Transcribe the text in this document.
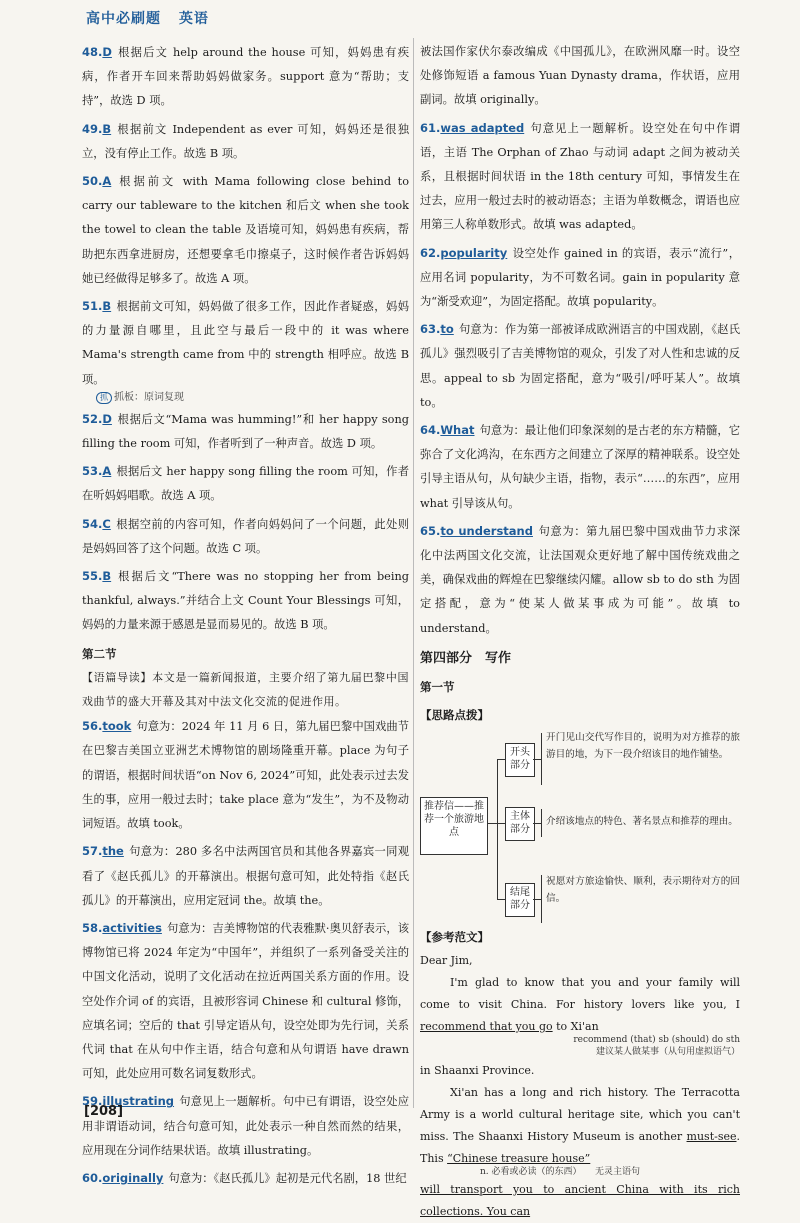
高中必刷题 英语
48.D 根据后文 help around the house 可知，妈妈患有疾病，作者开车回来帮助妈妈做家务。support 意为“帮助；支持”，故选 D 项。
49.B 根据前文 Independent as ever 可知，妈妈还是很独立，没有停止工作。故选 B 项。
50.A 根据前文 with Mama following close behind to carry our tableware to the kitchen 和后文 when she took the towel to clean the table 及语境可知，妈妈患有疾病，帮助把东西拿进厨房，还想要拿毛巾擦桌子，这时候作者告诉妈妈她已经做得足够多了。故选 A 项。
51.B 根据前文可知，妈妈做了很多工作，因此作者疑惑，妈妈的力量源自哪里，且此空与最后一段中的 it was where Mama's strength came from 中的 strength 相呼应。故选 B 项。
抓 抓板：原词复现
52.D 根据后文“Mama was humming!”和 her happy song filling the room 可知，作者听到了一种声音。故选 D 项。
53.A 根据后文 her happy song filling the room 可知，作者在听妈妈唱歌。故选 A 项。
54.C 根据空前的内容可知，作者向妈妈问了一个问题，此处则是妈妈回答了这个问题。故选 C 项。
55.B 根据后文“There was no stopping her from being thankful, always.”并结合上文 Count Your Blessings 可知，妈妈的力量来源于感恩是显而易见的。故选 B 项。
第二节
【语篇导读】本文是一篇新闻报道，主要介绍了第九届巴黎中国戏曲节的盛大开幕及其对中法文化交流的促进作用。
56.took 句意为：2024 年 11 月 6 日，第九届巴黎中国戏曲节在巴黎吉美国立亚洲艺术博物馆的剧场隆重开幕。place 为句子的谓语，根据时间状语“on Nov 6, 2024”可知，此处表示过去发生的事，应用一般过去时；take place 意为“发生”，为不及物动词短语。故填 took。
57.the 句意为：280 多名中法两国官员和其他各界嘉宾一同观看了《赵氏孤儿》的开幕演出。根据句意可知，此处特指《赵氏孤儿》的开幕演出，应用定冠词 the。故填 the。
58.activities 句意为：吉美博物馆的代表雅默·奥贝舒表示，该博物馆已将 2024 年定为“中国年”，并组织了一系列备受关注的中国文化活动，说明了文化活动在拉近两国关系方面的作用。设空处作介词 of 的宾语，且被形容词 Chinese 和 cultural 修饰，应填名词；空后的 that 引导定语从句，设空处即为先行词，关系代词 that 在从句中作主语，结合句意和从句谓语 have drawn 可知，此处应用可数名词复数形式。
59.illustrating 句意见上一题解析。句中已有谓语，设空处应用非谓语动词，结合句意可知，此处表示一种自然而然的结果，应用现在分词作结果状语。故填 illustrating。
60.originally 句意为：《赵氏孤儿》起初是元代名剧，18 世纪
被法国作家伏尔泰改编成《中国孤儿》，在欧洲风靡一时。设空处修饰短语 a famous Yuan Dynasty drama，作状语，应用副词。故填 originally。
61.was adapted 句意见上一题解析。设空处在句中作谓语，主语 The Orphan of Zhao 与动词 adapt 之间为被动关系，且根据时间状语 in the 18th century 可知，事情发生在过去，应用一般过去时的被动语态；主语为单数概念，谓语也应用第三人称单数形式。故填 was adapted。
62.popularity 设空处作 gained in 的宾语，表示“流行”，应用名词 popularity，为不可数名词。gain in popularity 意为“渐受欢迎”，为固定搭配。故填 popularity。
63.to 句意为：作为第一部被译成欧洲语言的中国戏剧，《赵氏孤儿》强烈吸引了吉美博物馆的观众，引发了对人性和忠诚的反思。appeal to sb 为固定搭配，意为“吸引/呼吁某人”。故填 to。
64.What 句意为：最让他们印象深刻的是古老的东方精髓，它弥合了文化鸿沟，在东西方之间建立了深厚的精神联系。设空处引导主语从句，从句缺少主语，指物，表示“……的东西”，应用 what 引导该从句。
65.to understand 句意为：第九届巴黎中国戏曲节力求深化中法两国文化交流，让法国观众更好地了解中国传统戏曲之美，确保戏曲的辉煌在巴黎继续闪耀。allow sb to do sth 为固定搭配，意为“使某人做某事成为可能”。故填 to understand。
第四部分　写作
第一节
【思路点拨】
推荐信——推荐一个旅游地点
开头部分
主体部分
结尾部分
开门见山交代写作目的，说明为对方推荐的旅游目的地，为下一段介绍该目的地作铺垫。
介绍该地点的特色、著名景点和推荐的理由。
祝愿对方旅途愉快、顺利，表示期待对方的回信。
【参考范文】
Dear Jim,

I'm glad to know that you and your family will come to visit China. For history lovers like you, I recommend that you go to Xi'an

recommend (that) sb (should) do sth
建议某人做某事（从句用虚拟语气）
in Shaanxi Province.

Xi'an has a long and rich history. The Terracotta Army is a world cultural heritage site, which you can't miss. The Shaanxi History Museum is another must-see. This “Chinese treasure house”

n. 必看或必读（的东西）　　无灵主语句
will transport you to ancient China with its rich collections. You can
[208]
